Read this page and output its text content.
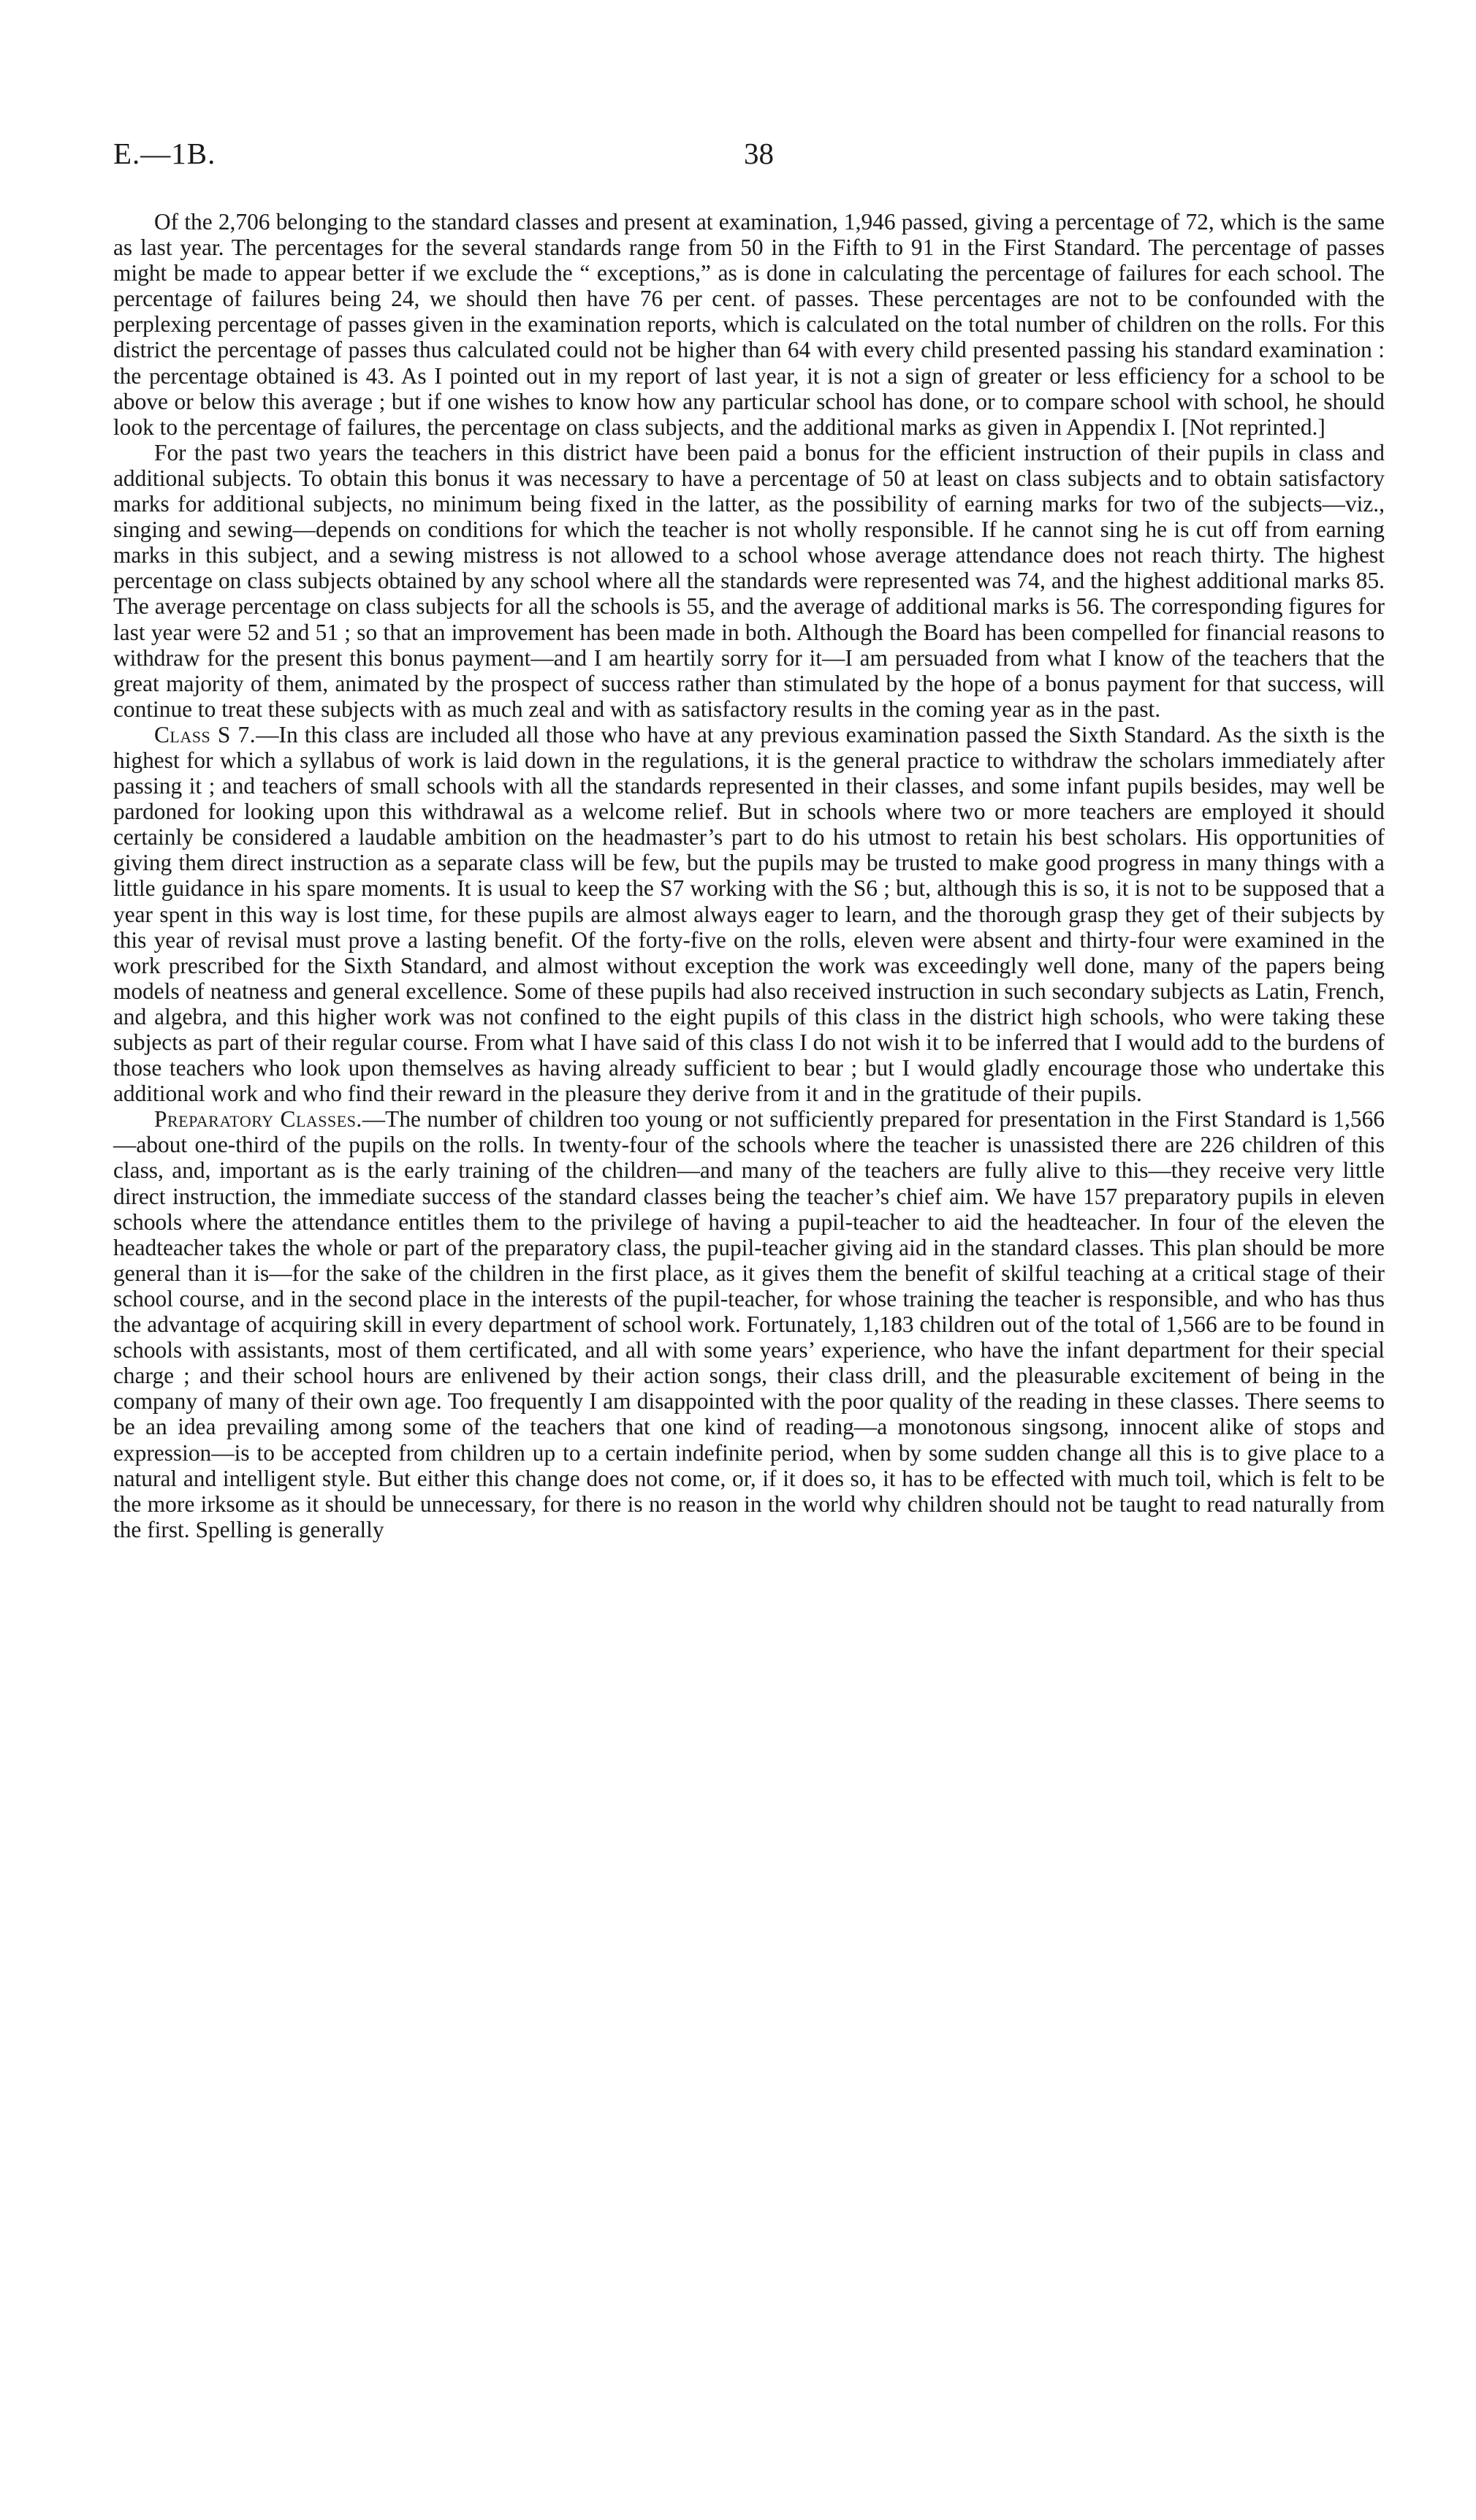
E.—1B.	38

Of the 2,706 belonging to the standard classes and present at examination, 1,946 passed, giving a percentage of 72, which is the same as last year. The percentages for the several standards range from 50 in the Fifth to 91 in the First Standard. The percentage of passes might be made to appear better if we exclude the “ exceptions,” as is done in calculating the percentage of failures for each school. The percentage of failures being 24, we should then have 76 per cent. of passes. These percentages are not to be confounded with the perplexing percentage of passes given in the examination reports, which is calculated on the total number of children on the rolls. For this district the percentage of passes thus calculated could not be higher than 64 with every child presented passing his standard examination : the percentage obtained is 43. As I pointed out in my report of last year, it is not a sign of greater or less efficiency for a school to be above or below this average ; but if one wishes to know how any particular school has done, or to compare school with school, he should look to the percentage of failures, the percentage on class subjects, and the additional marks as given in Appendix I. [Not reprinted.]

For the past two years the teachers in this district have been paid a bonus for the efficient instruction of their pupils in class and additional subjects. To obtain this bonus it was necessary to have a percentage of 50 at least on class subjects and to obtain satisfactory marks for additional subjects, no minimum being fixed in the latter, as the possibility of earning marks for two of the subjects—viz., singing and sewing—depends on conditions for which the teacher is not wholly responsible. If he cannot sing he is cut off from earning marks in this subject, and a sewing mistress is not allowed to a school whose average attendance does not reach thirty. The highest percentage on class subjects obtained by any school where all the standards were represented was 74, and the highest additional marks 85. The average percentage on class subjects for all the schools is 55, and the average of additional marks is 56. The corresponding figures for last year were 52 and 51 ; so that an improvement has been made in both. Although the Board has been compelled for financial reasons to withdraw for the present this bonus payment—and I am heartily sorry for it—I am persuaded from what I know of the teachers that the great majority of them, animated by the prospect of success rather than stimulated by the hope of a bonus payment for that success, will continue to treat these subjects with as much zeal and with as satisfactory results in the coming year as in the past.

Class S 7.—In this class are included all those who have at any previous examination passed the Sixth Standard. As the sixth is the highest for which a syllabus of work is laid down in the regulations, it is the general practice to withdraw the scholars immediately after passing it ; and teachers of small schools with all the standards represented in their classes, and some infant pupils besides, may well be pardoned for looking upon this withdrawal as a welcome relief. But in schools where two or more teachers are employed it should certainly be considered a laudable ambition on the headmaster’s part to do his utmost to retain his best scholars. His opportunities of giving them direct instruction as a separate class will be few, but the pupils may be trusted to make good progress in many things with a little guidance in his spare moments. It is usual to keep the S7 working with the S6 ; but, although this is so, it is not to be supposed that a year spent in this way is lost time, for these pupils are almost always eager to learn, and the thorough grasp they get of their subjects by this year of revisal must prove a lasting benefit. Of the forty-five on the rolls, eleven were absent and thirty-four were examined in the work prescribed for the Sixth Standard, and almost without exception the work was exceedingly well done, many of the papers being models of neatness and general excellence. Some of these pupils had also received instruction in such secondary subjects as Latin, French, and algebra, and this higher work was not confined to the eight pupils of this class in the district high schools, who were taking these subjects as part of their regular course. From what I have said of this class I do not wish it to be inferred that I would add to the burdens of those teachers who look upon themselves as having already sufficient to bear ; but I would gladly encourage those who undertake this additional work and who find their reward in the pleasure they derive from it and in the gratitude of their pupils.

Preparatory Classes.—The number of children too young or not sufficiently prepared for presentation in the First Standard is 1,566—about one-third of the pupils on the rolls. In twenty-four of the schools where the teacher is unassisted there are 226 children of this class, and, important as is the early training of the children—and many of the teachers are fully alive to this—they receive very little direct instruction, the immediate success of the standard classes being the teacher’s chief aim. We have 157 preparatory pupils in eleven schools where the attendance entitles them to the privilege of having a pupil-teacher to aid the headteacher. In four of the eleven the headteacher takes the whole or part of the preparatory class, the pupil-teacher giving aid in the standard classes. This plan should be more general than it is—for the sake of the children in the first place, as it gives them the benefit of skilful teaching at a critical stage of their school course, and in the second place in the interests of the pupil-teacher, for whose training the teacher is responsible, and who has thus the advantage of acquiring skill in every department of school work. Fortunately, 1,183 children out of the total of 1,566 are to be found in schools with assistants, most of them certificated, and all with some years’ experience, who have the infant department for their special charge ; and their school hours are enlivened by their action songs, their class drill, and the pleasurable excitement of being in the company of many of their own age. Too frequently I am disappointed with the poor quality of the reading in these classes. There seems to be an idea prevailing among some of the teachers that one kind of reading—a monotonous singsong, innocent alike of stops and expression—is to be accepted from children up to a certain indefinite period, when by some sudden change all this is to give place to a natural and intelligent style. But either this change does not come, or, if it does so, it has to be effected with much toil, which is felt to be the more irksome as it should be unnecessary, for there is no reason in the world why children should not be taught to read naturally from the first. Spelling is generally
